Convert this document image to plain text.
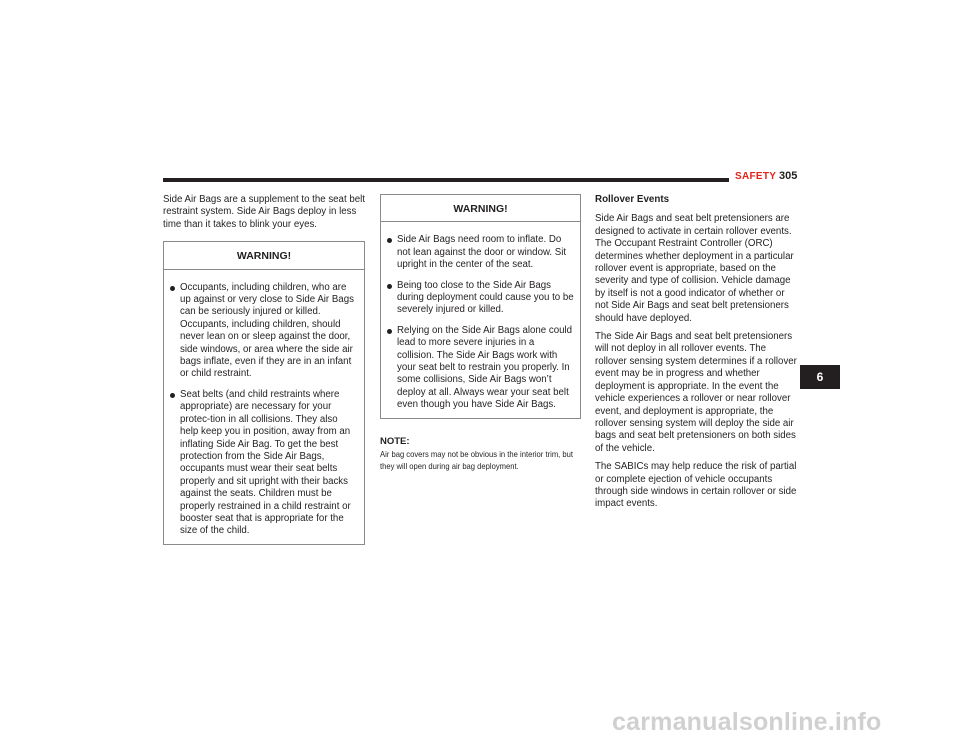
SAFETY 305

Side Air Bags are a supplement to the seat belt restraint system. Side Air Bags deploy in less time than it takes to blink your eyes.

WARNING!
Occupants, including children, who are up against or very close to Side Air Bags can be seriously injured or killed. Occupants, including children, should never lean on or sleep against the door, side windows, or area where the side air bags inflate, even if they are in an infant or child restraint.
Seat belts (and child restraints where appropriate) are necessary for your protec-tion in all collisions. They also help keep you in position, away from an inflating Side Air Bag. To get the best protection from the Side Air Bags, occupants must wear their seat belts properly and sit upright with their backs against the seats. Children must be properly restrained in a child restraint or booster seat that is appropriate for the size of the child.
WARNING!
Side Air Bags need room to inflate. Do not lean against the door or window. Sit upright in the center of the seat.
Being too close to the Side Air Bags during deployment could cause you to be severely injured or killed.
Relying on the Side Air Bags alone could lead to more severe injuries in a collision. The Side Air Bags work with your seat belt to restrain you properly. In some collisions, Side Air Bags won’t deploy at all. Always wear your seat belt even though you have Side Air Bags.
NOTE:
Air bag covers may not be obvious in the interior trim, but they will open during air bag deployment.
Rollover Events

Side Air Bags and seat belt pretensioners are designed to activate in certain rollover events. The Occupant Restraint Controller (ORC) determines whether deployment in a particular rollover event is appropriate, based on the severity and type of collision. Vehicle damage by itself is not a good indicator of whether or not Side Air Bags and seat belt pretensioners should have deployed.

The Side Air Bags and seat belt pretensioners will not deploy in all rollover events. The rollover sensing system determines if a rollover event may be in progress and whether deployment is appropriate. In the event the vehicle experiences a rollover or near rollover event, and deployment is appropriate, the rollover sensing system will deploy the side air bags and seat belt pretensioners on both sides of the vehicle.

The SABICs may help reduce the risk of partial or complete ejection of vehicle occupants through side windows in certain rollover or side impact events.

6
carmanualsonline.info
